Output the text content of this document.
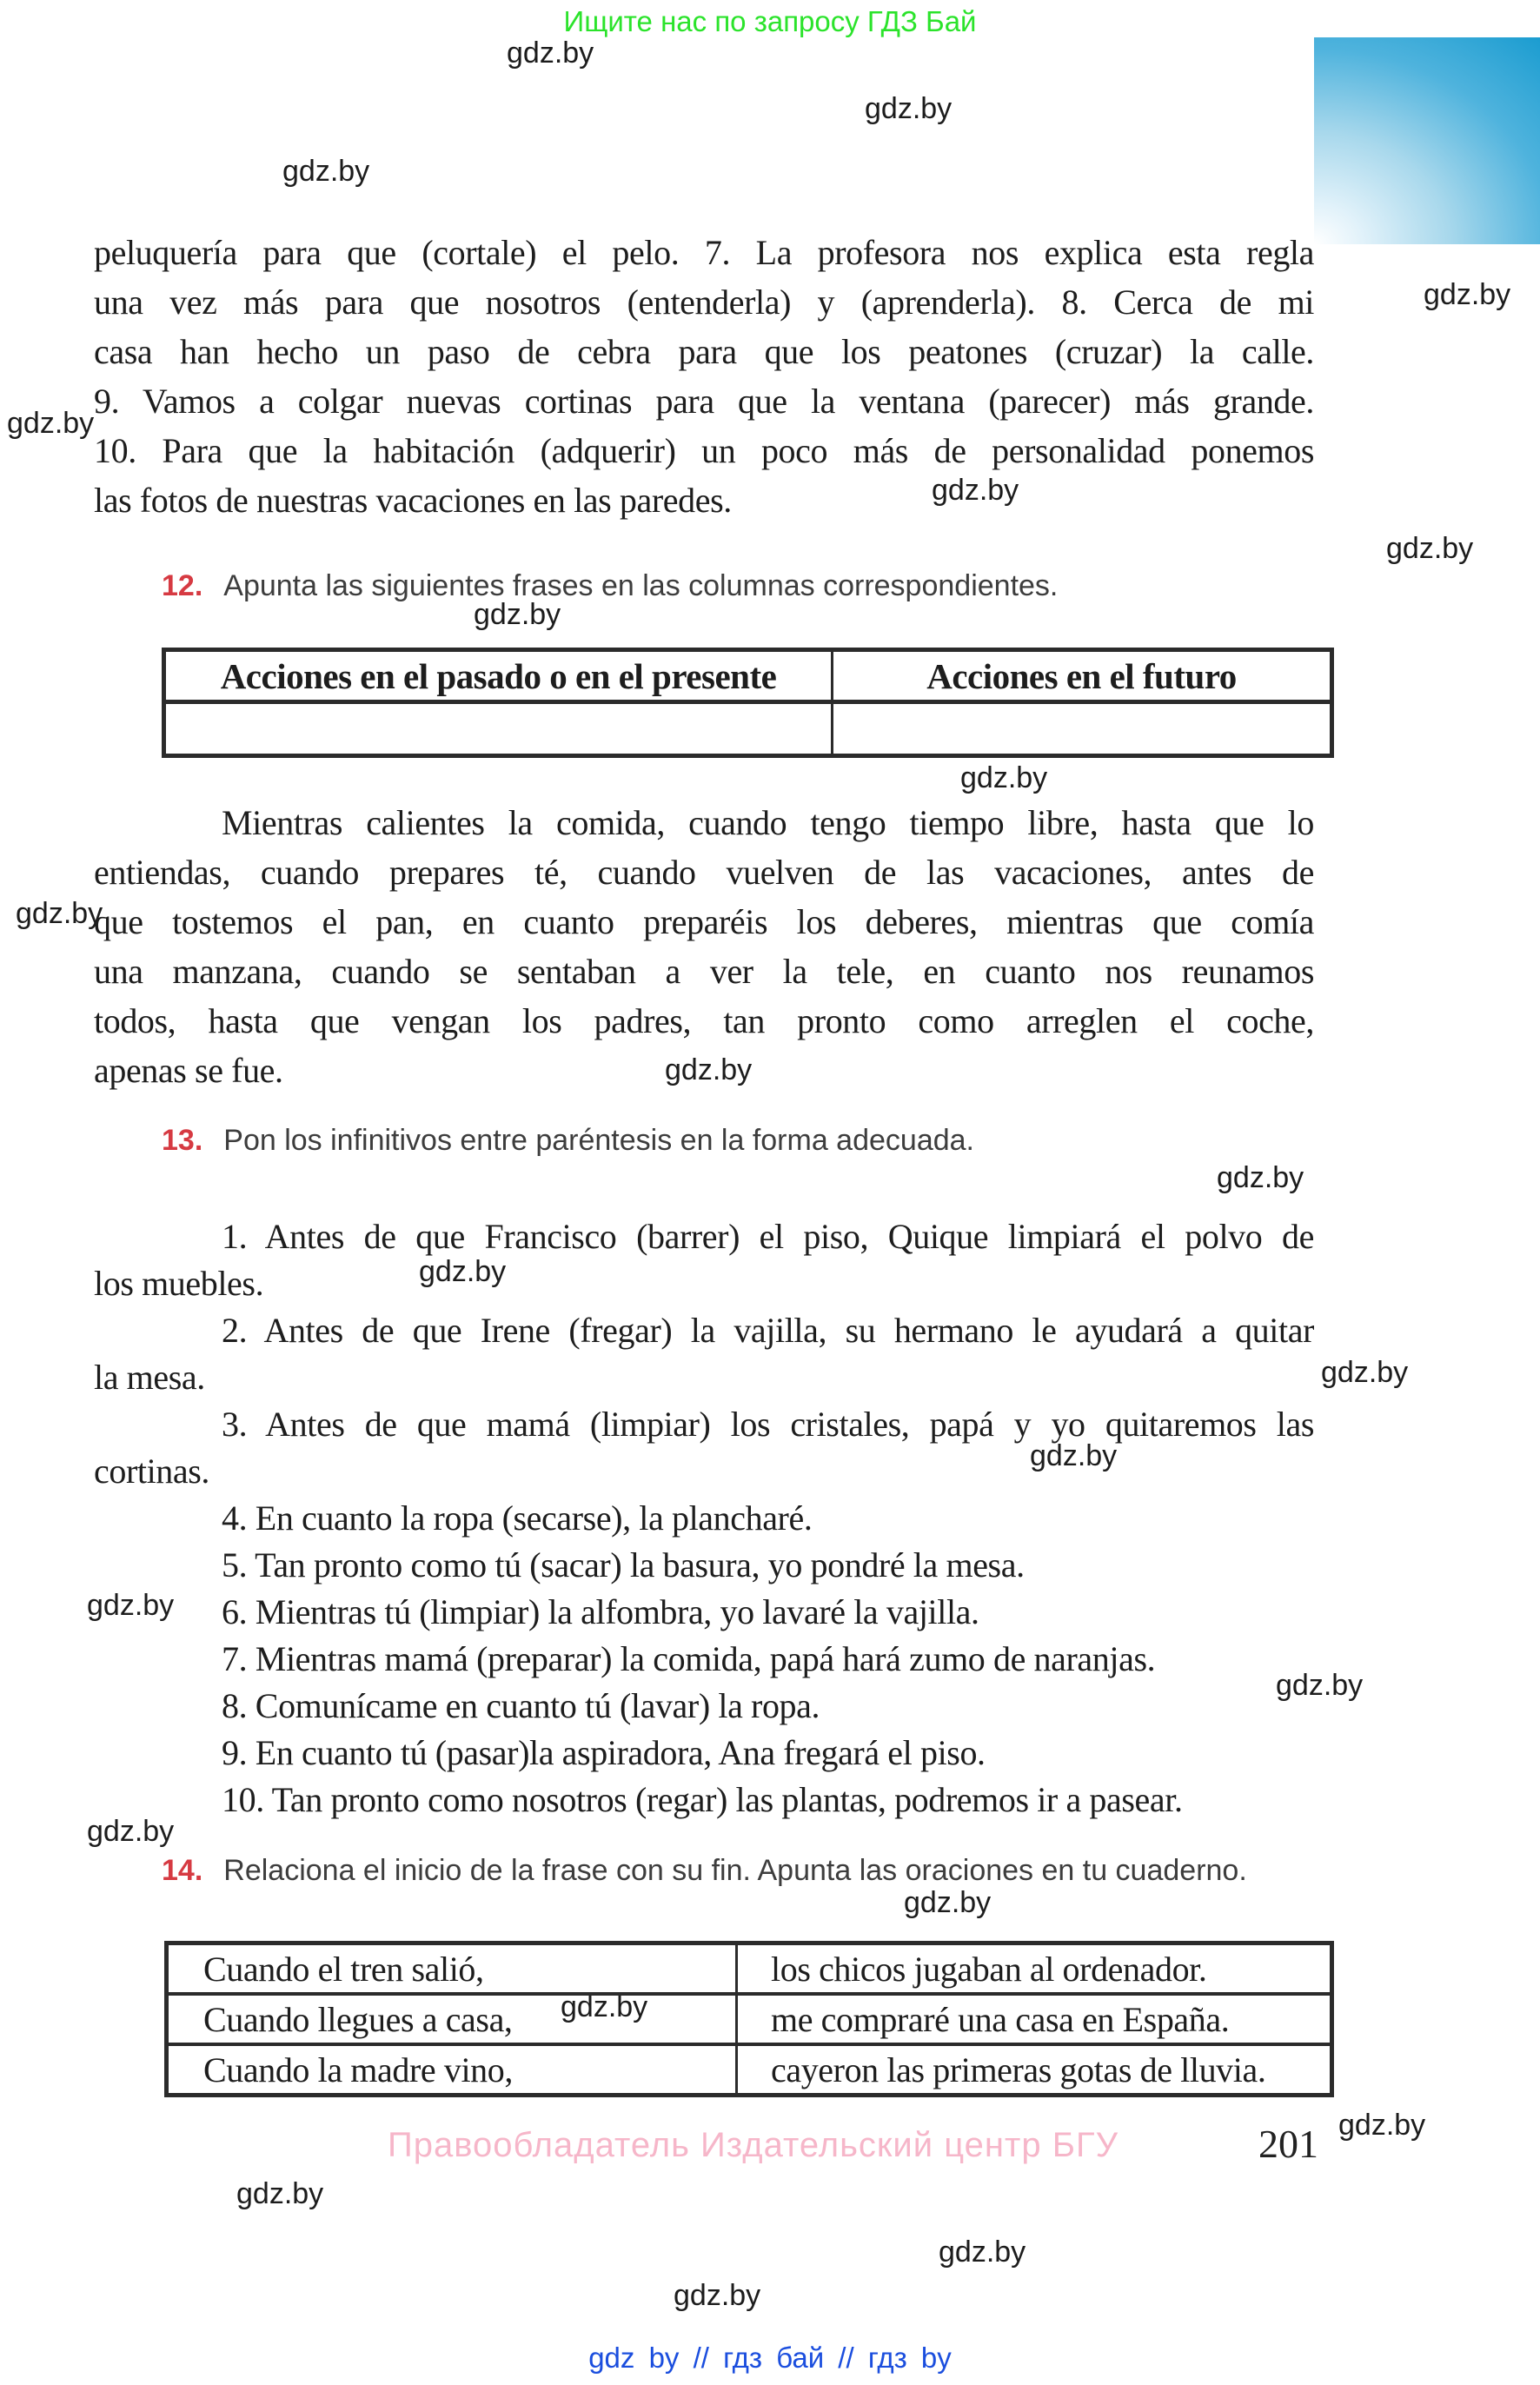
Ищите нас по запросу ГДЗ Бай
gdz.by
gdz.by
gdz.by
gdz.by
gdz.by
gdz.by
gdz.by
gdz.by
gdz.by
gdz.by
gdz.by
gdz.by
gdz.by
gdz.by
gdz.by
gdz.by
gdz.by
gdz.by
gdz.by
gdz.by
gdz.by
gdz.by
gdz.by
gdz.by
peluquería para que (cortale) el pelo. 7. La profesora nos explica esta regla
una vez más para que nosotros (entenderla) y (aprenderla). 8. Cerca de mi
casa han hecho un paso de cebra para que los peatones (cruzar) la calle.
9. Vamos a colgar nuevas cortinas para que la ventana (parecer) más grande.
10. Para que la habitación (adquerir) un poco más de personalidad ponemos
las fotos de nuestras vacaciones en las paredes.
12. Apunta las siguientes frases en las columnas correspondientes.
Acciones en el pasado o en el presente	Acciones en el futuro
Mientras calientes la comida, cuando tengo tiempo libre, hasta que lo
entiendas, cuando prepares té, cuando vuelven de las vacaciones, antes de
que tostemos el pan, en cuanto preparéis los deberes, mientras que comía
una manzana, cuando se sentaban a ver la tele, en cuanto nos reunamos
todos, hasta que vengan los padres, tan pronto como arreglen el coche,
apenas se fue.
13. Pon los infinitivos entre paréntesis en la forma adecuada.
1. Antes de que Francisco (barrer) el piso, Quique limpiará el polvo de
los muebles.
2. Antes de que Irene (fregar) la vajilla, su hermano le ayudará a quitar
la mesa.
3. Antes de que mamá (limpiar) los cristales, papá y yo quitaremos las
cortinas.
4. En cuanto la ropa (secarse), la plancharé.
5. Tan pronto como tú (sacar) la basura, yo pondré la mesa.
6. Mientras tú (limpiar) la alfombra, yo lavaré la vajilla.
7. Mientras mamá (preparar) la comida, papá hará zumo de naranjas.
8. Comunícame en cuanto tú (lavar) la ropa.
9. En cuanto tú (pasar)la aspiradora, Ana fregará el piso.
10. Tan pronto como nosotros (regar) las plantas, podremos ir a pasear.
14. Relaciona el inicio de la frase con su fin. Apunta las oraciones en tu cuaderno.
Cuando el tren salió,	los chicos jugaban al ordenador.
Cuando llegues a casa,	me compraré una casa en España.
Cuando la madre vino,	cayeron las primeras gotas de lluvia.
Правообладатель Издательский центр БГУ	201
gdz by // гдз бай // гдз by
